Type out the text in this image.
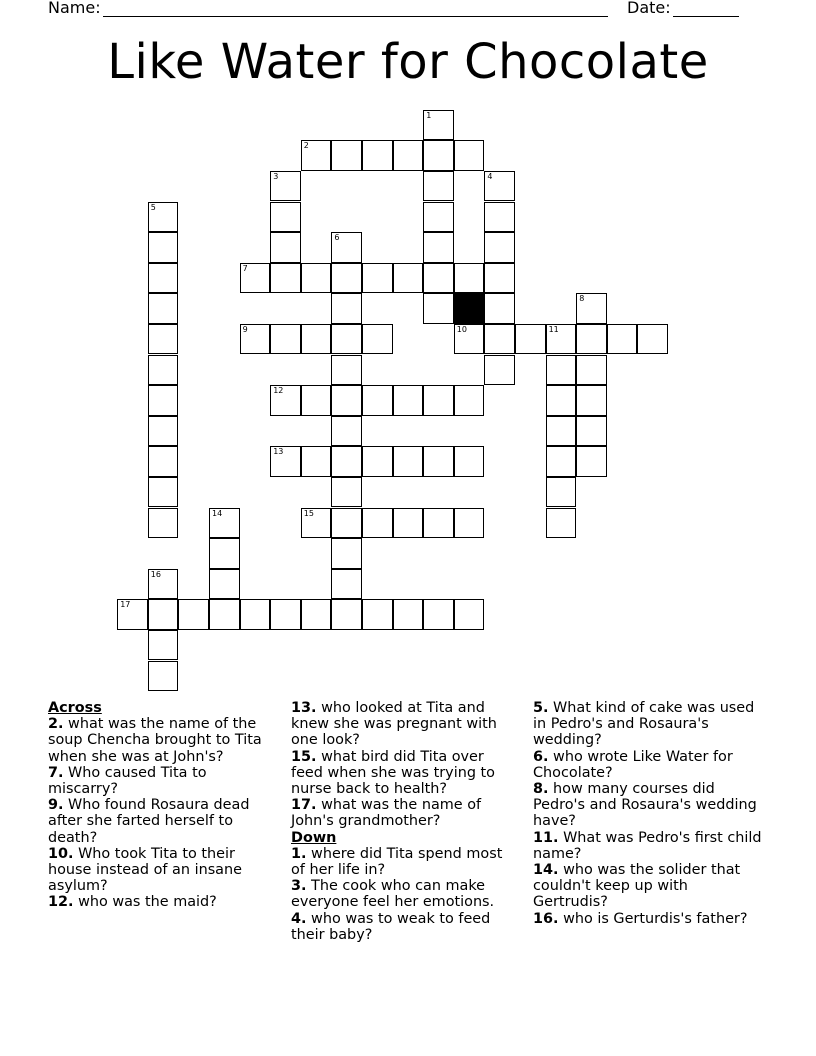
Name:	Date:
Like Water for Chocolate
1
2
3	4
5
6
7
8
9	10	11
12
13
14	15
16
17

Across

2. what was the name of the soup Chencha brought to Tita when she was at John's?

7. Who caused Tita to miscarry?

9. Who found Rosaura dead after she farted herself to death?

10. Who took Tita to their house instead of an insane asylum?

12. who was the maid?

13. who looked at Tita and knew she was pregnant with one look?

15. what bird did Tita over feed when she was trying to nurse back to health?

17. what was the name of John's grandmother?

Down

1. where did Tita spend most of her life in?

3. The cook who can make everyone feel her emotions.

4. who was to weak to feed their baby?

5. What kind of cake was used in Pedro's and Rosaura's wedding?

6. who wrote Like Water for Chocolate?

8. how many courses did Pedro's and Rosaura's wedding have?

11. What was Pedro's first child name?

14. who was the solider that couldn't keep up with Gertrudis?

16. who is Gerturdis's father?
